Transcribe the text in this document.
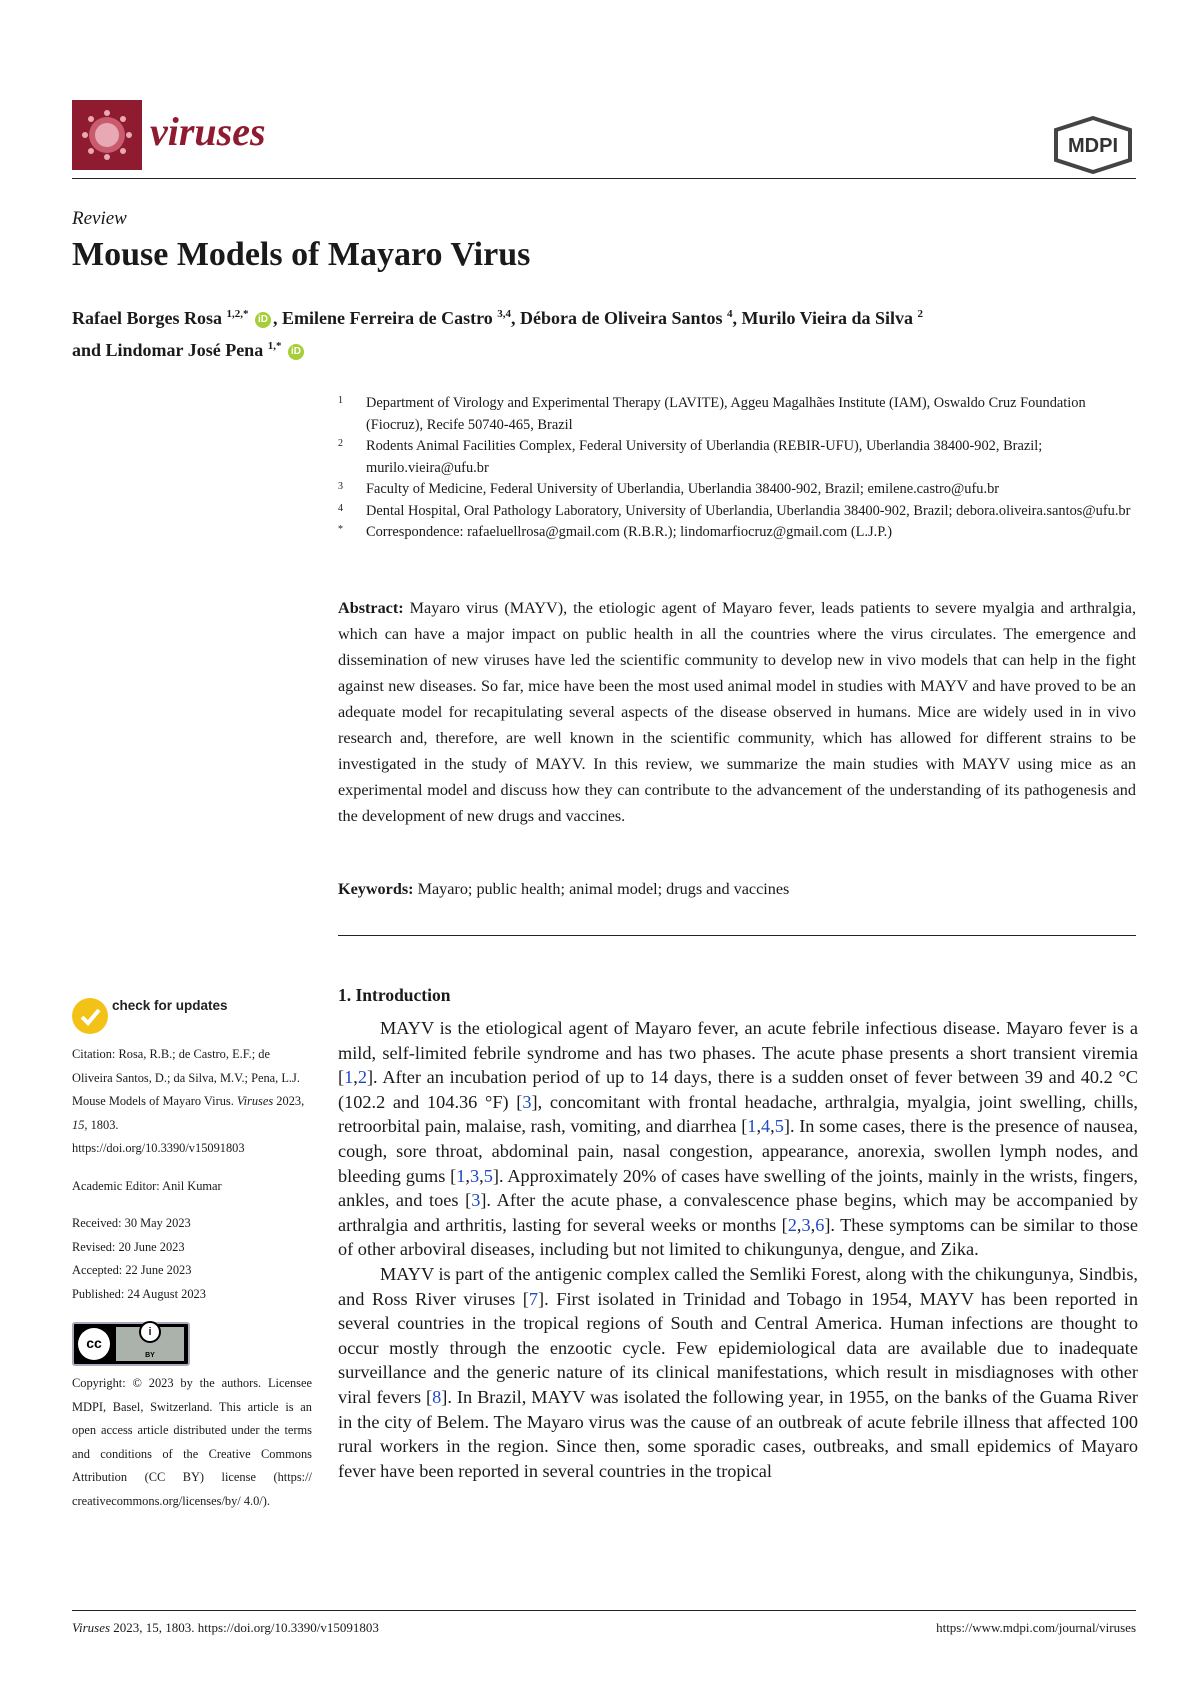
viruses	MDPI
Review
Mouse Models of Mayaro Virus
Rafael Borges Rosa $^{1,2,*}$ iD , Emilene Ferreira de Castro $^{3,4}$, Débora de Oliveira Santos $^4$, Murilo Vieira da Silva $^2$
and Lindomar José Pena $^{1,*}$ iD
1 Department of Virology and Experimental Therapy (LAVITE), Aggeu Magalhães Institute (IAM), Oswaldo Cruz Foundation (Fiocruz), Recife 50740-465, Brazil
2 Rodents Animal Facilities Complex, Federal University of Uberlandia (REBIR-UFU), Uberlandia 38400-902, Brazil; murilo.vieira@ufu.br
3 Faculty of Medicine, Federal University of Uberlandia, Uberlandia 38400-902, Brazil; emilene.castro@ufu.br
4 Dental Hospital, Oral Pathology Laboratory, University of Uberlandia, Uberlandia 38400-902, Brazil; debora.oliveira.santos@ufu.br
* Correspondence: rafaeluellrosa@gmail.com (R.B.R.); lindomarfiocruz@gmail.com (L.J.P.)
Abstract: Mayaro virus (MAYV), the etiologic agent of Mayaro fever, leads patients to severe myalgia and arthralgia, which can have a major impact on public health in all the countries where the virus circulates. The emergence and dissemination of new viruses have led the scientific community to develop new in vivo models that can help in the fight against new diseases. So far, mice have been the most used animal model in studies with MAYV and have proved to be an adequate model for recapitulating several aspects of the disease observed in humans. Mice are widely used in in vivo research and, therefore, are well known in the scientific community, which has allowed for different strains to be investigated in the study of MAYV. In this review, we summarize the main studies with MAYV using mice as an experimental model and discuss how they can contribute to the advancement of the understanding of its pathogenesis and the development of new drugs and vaccines.
Keywords: Mayaro; public health; animal model; drugs and vaccines
check for updates

Citation: Rosa, R.B.; de Castro, E.F.; de Oliveira Santos, D.; da Silva, M.V.; Pena, L.J. Mouse Models of Mayaro Virus. Viruses 2023, 15, 1803.
https://doi.org/10.3390/v15091803

Academic Editor: Anil Kumar

Received: 30 May 2023

Revised: 20 June 2023

Accepted: 22 June 2023

Published: 24 August 2023

cc
i
BY

Copyright: © 2023 by the authors. Licensee MDPI, Basel, Switzerland. This article is an open access article distributed under the terms and conditions of the Creative Commons Attribution (CC BY) license (https:// creativecommons.org/licenses/by/ 4.0/).

1. Introduction

MAYV is the etiological agent of Mayaro fever, an acute febrile infectious disease. Mayaro fever is a mild, self-limited febrile syndrome and has two phases. The acute phase presents a short transient viremia [1,2]. After an incubation period of up to 14 days, there is a sudden onset of fever between 39 and 40.2 °C (102.2 and 104.36 °F) [3], concomitant with frontal headache, arthralgia, myalgia, joint swelling, chills, retroorbital pain, malaise, rash, vomiting, and diarrhea [1,4,5]. In some cases, there is the presence of nausea, cough, sore throat, abdominal pain, nasal congestion, appearance, anorexia, swollen lymph nodes, and bleeding gums [1,3,5]. Approximately 20% of cases have swelling of the joints, mainly in the wrists, fingers, ankles, and toes [3]. After the acute phase, a convalescence phase begins, which may be accompanied by arthralgia and arthritis, lasting for several weeks or months [2,3,6]. These symptoms can be similar to those of other arboviral diseases, including but not limited to chikungunya, dengue, and Zika.

MAYV is part of the antigenic complex called the Semliki Forest, along with the chikungunya, Sindbis, and Ross River viruses [7]. First isolated in Trinidad and Tobago in 1954, MAYV has been reported in several countries in the tropical regions of South and Central America. Human infections are thought to occur mostly through the enzootic cycle. Few epidemiological data are available due to inadequate surveillance and the generic nature of its clinical manifestations, which result in misdiagnoses with other viral fevers [8]. In Brazil, MAYV was isolated the following year, in 1955, on the banks of the Guama River in the city of Belem. The Mayaro virus was the cause of an outbreak of acute febrile illness that affected 100 rural workers in the region. Since then, some sporadic cases, outbreaks, and small epidemics of Mayaro fever have been reported in several countries in the tropical

Viruses 2023, 15, 1803. https://doi.org/10.3390/v15091803	https://www.mdpi.com/journal/viruses
